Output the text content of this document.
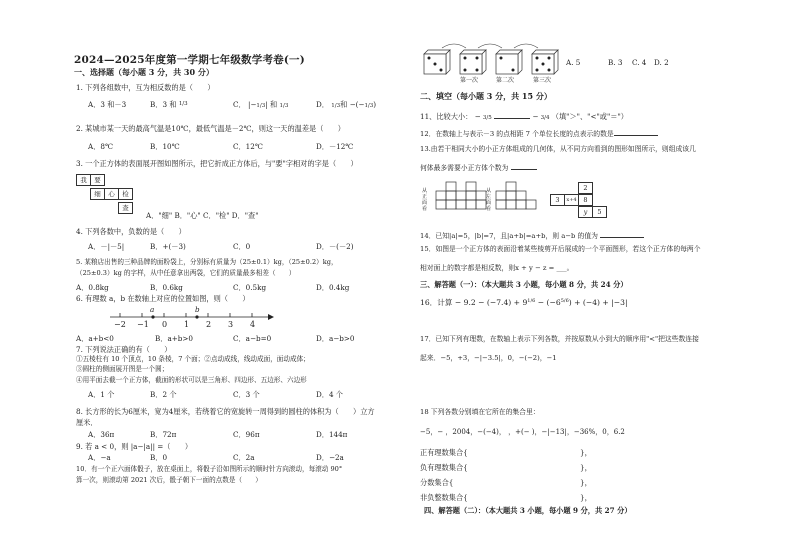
2024—2025年度第一学期七年级数学考卷(一)
一、选择题（每小题 3 分，共 30 分）
1. 下列各组数中，互为相反数的是（　　）
A．3 和－3	B．3 和 $^{1/3}$	C． |−1/3| 和 1/3	D． 1/3和 −(−1/3)
2. 某城市某一天的最高气温是10℃，最低气温是－2℃，则这一天的温差是（　　）
A．8℃	B．10℃	C．12℃	D．－12℃
3. 一个正方体的表面展开图如图所示，把它折成正方体后，与"要"字相对的字是（　　）
我	要
细	心	检
查
A．"细" B．"心" C．"检" D．"查"
4. 下列各数中，负数的是（　　）
A．－|－5|	B．+(－3)	C．0	D．－(－2)
5. 某粮店出售的三种品牌的面粉袋上，分别标有质量为（25±0.1）kg，（25±0.2）kg，
（25±0.3）kg 的字样，从中任意拿出两袋，它们的质量最多相差（　　）
A．0.8kg	B．0.6kg	C．0.5kg	D．0.4kg
6. 有理数 a，b 在数轴上对应的位置如图，则（　　）
a	b
−2 −1 0 1 2 3 4
A．a+b<0	B．a+b>0	C．a−b=0	D．a−b>0
7. 下列说法正确的有（　　）
①五棱柱有 10 个顶点，10 条棱，7 个面；②点动成线，线动成面，面动成体；
③圆柱的侧面展开图是一个圆；
④用平面去截一个正方体，截面的形状可以是三角形、四边形、五边形、六边形
A．1 个	B．2 个	C．3 个	D．4 个
8. 长方形的长为6厘米，宽为4厘米，若绕着它的宽旋转一周得到的圆柱的体积为（　　）立方
厘米．
A．36π	B．72π	C．96π	D．144π
9. 若 a < 0，则 |a−|a|| =（　　）
A．−a	B．0	C．2a	D．−2a
10．有一个正六面体骰子，放在桌面上，将骰子沿如图所示的顺时针方向滚动，每滚动 90°
算一次，则滚动第 2021 次后，骰子朝下一面的点数是（　　）
第一次	第二次	第三次
A. 5	B. 3 C. 4 D. 2
二、填空（每小题 3 分，共 15 分）
11、比较大小： − 3/5	− 3/4 （填"＞"、"<"或"＝"）
12．在数轴上与表示－3 的点相距 7 个单位长度的点表示的数是
13.由若干相同大小的小正方体组成的几何体，从不同方向看到的图形如图所示，则组成该几
何体最多需要小正方体个数为
从正面看
从左面看
2
3	x+4	8
y	5
14．已知|a|=5，|b|=7，且|a+b|=a+b，则 a−b 的值为
15．如图是一个正方体的表面沿着某些棱剪开后展成的一个平面图形，若这个正方体的每两个
相对面上的数字都是相反数，则x + y − z = ___。
三、解答题（一）：（本大题共 3 小题，每小题 8 分，共 24 分）
16．计算 − $9.2 - (-7.4) + 9^{1/6} - (-6^{5/6}) + (-4) + |-3|$
17．已知下列有理数，在数轴上表示下列各数，并按原数从小到大的顺序用"<"把这些数连接
起来．−5，+3，−|−3.5|，0，−(−2)，−1
18 下列各数分别填在它所在的集合里：
−5，− ，2004，−(−4)， ，+(− )，−|−13|，−36%，0，6.2
正有理数集合{	}，
负有理数集合{	}，
分数集合{	}，
非负整数集合{	}，
四、解答题（二）：（本大题共 3 小题，每小题 9 分，共 27 分）
